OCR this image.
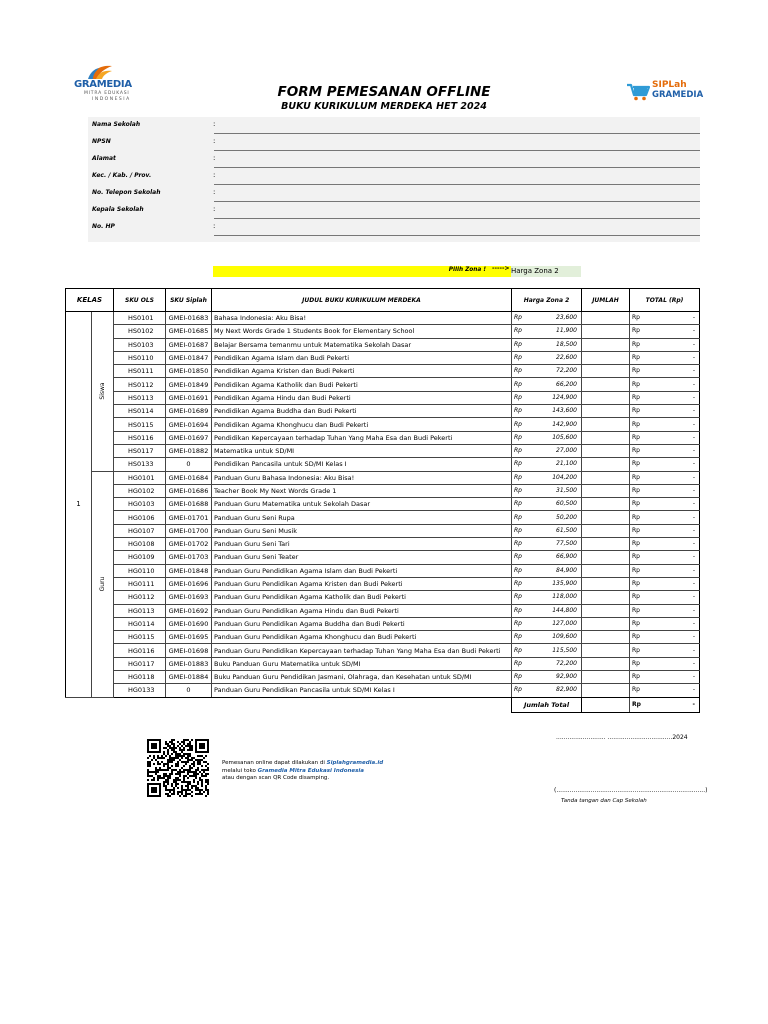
GRAMEDIA
MITRA EDUKASI
INDONESIA
SIPLah
GRAMEDIA
FORM PEMESANAN OFFLINE
BUKU KURIKULUM MERDEKA HET 2024
Nama Sekolah	:
NPSN	:
Alamat	:
Kec. / Kab. / Prov.	:
No. Telepon Sekolah	:
Kepala Sekolah	:
No. HP	:
Pilih Zona ! -----> Harga Zona 2
KELAS		SKU OLS	SKU Siplah	JUDUL BUKU KURIKULUM MERDEKA	Harga Zona 2	JUMLAH	TOTAL (Rp)
1	Siswa	HS0101	GMEI-01683	Bahasa Indonesia: Aku Bisa!	Rp 23,600		Rp -

		HS0102	GMEI-01685	My Next Words Grade 1 Students Book for Elementary School	Rp 11,900		Rp -

		HS0103	GMEI-01687	Belajar Bersama temanmu untuk Matematika Sekolah Dasar	Rp 18,500		Rp -

		HS0110	GMEI-01847	Pendidikan Agama Islam dan Budi Pekerti	Rp 22,600		Rp -

		HS0111	GMEI-01850	Pendidikan Agama Kristen dan Budi Pekerti	Rp 72,200		Rp -

		HS0112	GMEI-01849	Pendidikan Agama Katholik dan Budi Pekerti	Rp 66,200		Rp -

		HS0113	GMEI-01691	Pendidikan Agama Hindu dan Budi Pekerti	Rp 124,900		Rp -

		HS0114	GMEI-01689	Pendidikan Agama Buddha dan Budi Pekerti	Rp 143,600		Rp -

		HS0115	GMEI-01694	Pendidikan Agama Khonghucu dan Budi Pekerti	Rp 142,900		Rp -

		HS0116	GMEI-01697	Pendidikan Kepercayaan terhadap Tuhan Yang Maha Esa dan Budi Pekerti	Rp 105,600		Rp -

		HS0117	GMEI-01882	Matematika untuk SD/MI	Rp 27,000		Rp -

		HS0133	0	Pendidikan Pancasila untuk SD/MI Kelas I	Rp 21,100		Rp -

	Guru	HG0101	GMEI-01684	Panduan Guru Bahasa Indonesia: Aku Bisa!	Rp 104,200		Rp -

		HG0102	GMEI-01686	Teacher Book My Next Words Grade 1	Rp 31,500		Rp -

		HG0103	GMEI-01688	Panduan Guru Matematika untuk Sekolah Dasar	Rp 60,500		Rp -

		HG0106	GMEI-01701	Panduan Guru Seni Rupa	Rp 50,200		Rp -

		HG0107	GMEI-01700	Panduan Guru Seni Musik	Rp 61,500		Rp -

		HG0108	GMEI-01702	Panduan Guru Seni Tari	Rp 77,500		Rp -

		HG0109	GMEI-01703	Panduan Guru Seni Teater	Rp 66,900		Rp -

		HG0110	GMEI-01848	Panduan Guru Pendidikan Agama Islam dan Budi Pekerti	Rp 84,900		Rp -

		HG0111	GMEI-01696	Panduan Guru Pendidikan Agama Kristen dan Budi Pekerti	Rp 135,900		Rp -

		HG0112	GMEI-01693	Panduan Guru Pendidikan Agama Katholik dan Budi Pekerti	Rp 118,000		Rp -

		HG0113	GMEI-01692	Panduan Guru Pendidikan Agama Hindu dan Budi Pekerti	Rp 144,800		Rp -

		HG0114	GMEI-01690	Panduan Guru Pendidikan Agama Buddha dan Budi Pekerti	Rp 127,000		Rp -

		HG0115	GMEI-01695	Panduan Guru Pendidikan Agama Khonghucu dan Budi Pekerti	Rp 109,600		Rp -

		HG0116	GMEI-01698	Panduan Guru Pendidikan Kepercayaan terhadap Tuhan Yang Maha Esa dan Budi Pekerti	Rp 115,500		Rp -

		HG0117	GMEI-01883	Buku Panduan Guru Matematika untuk SD/MI	Rp 72,200		Rp -

		HG0118	GMEI-01884	Buku Panduan Guru Pendidikan Jasmani, Olahraga, dan Kesehatan untuk SD/MI	Rp 92,900		Rp -

		HG0133	0	Panduan Guru Pendidikan Pancasila untuk SD/MI Kelas I	Rp 82,900		Rp -

					Jumlah Total		Rp -
Pemesanan online dapat dilakukan di Siplahgramedia.id
melalui toko Gramedia Mitra Edukasi Indonesia
atau dengan scan QR Code disamping.
.......................... ..................................2024
(..............................................................................)
Tanda tangan dan Cap Sekolah
